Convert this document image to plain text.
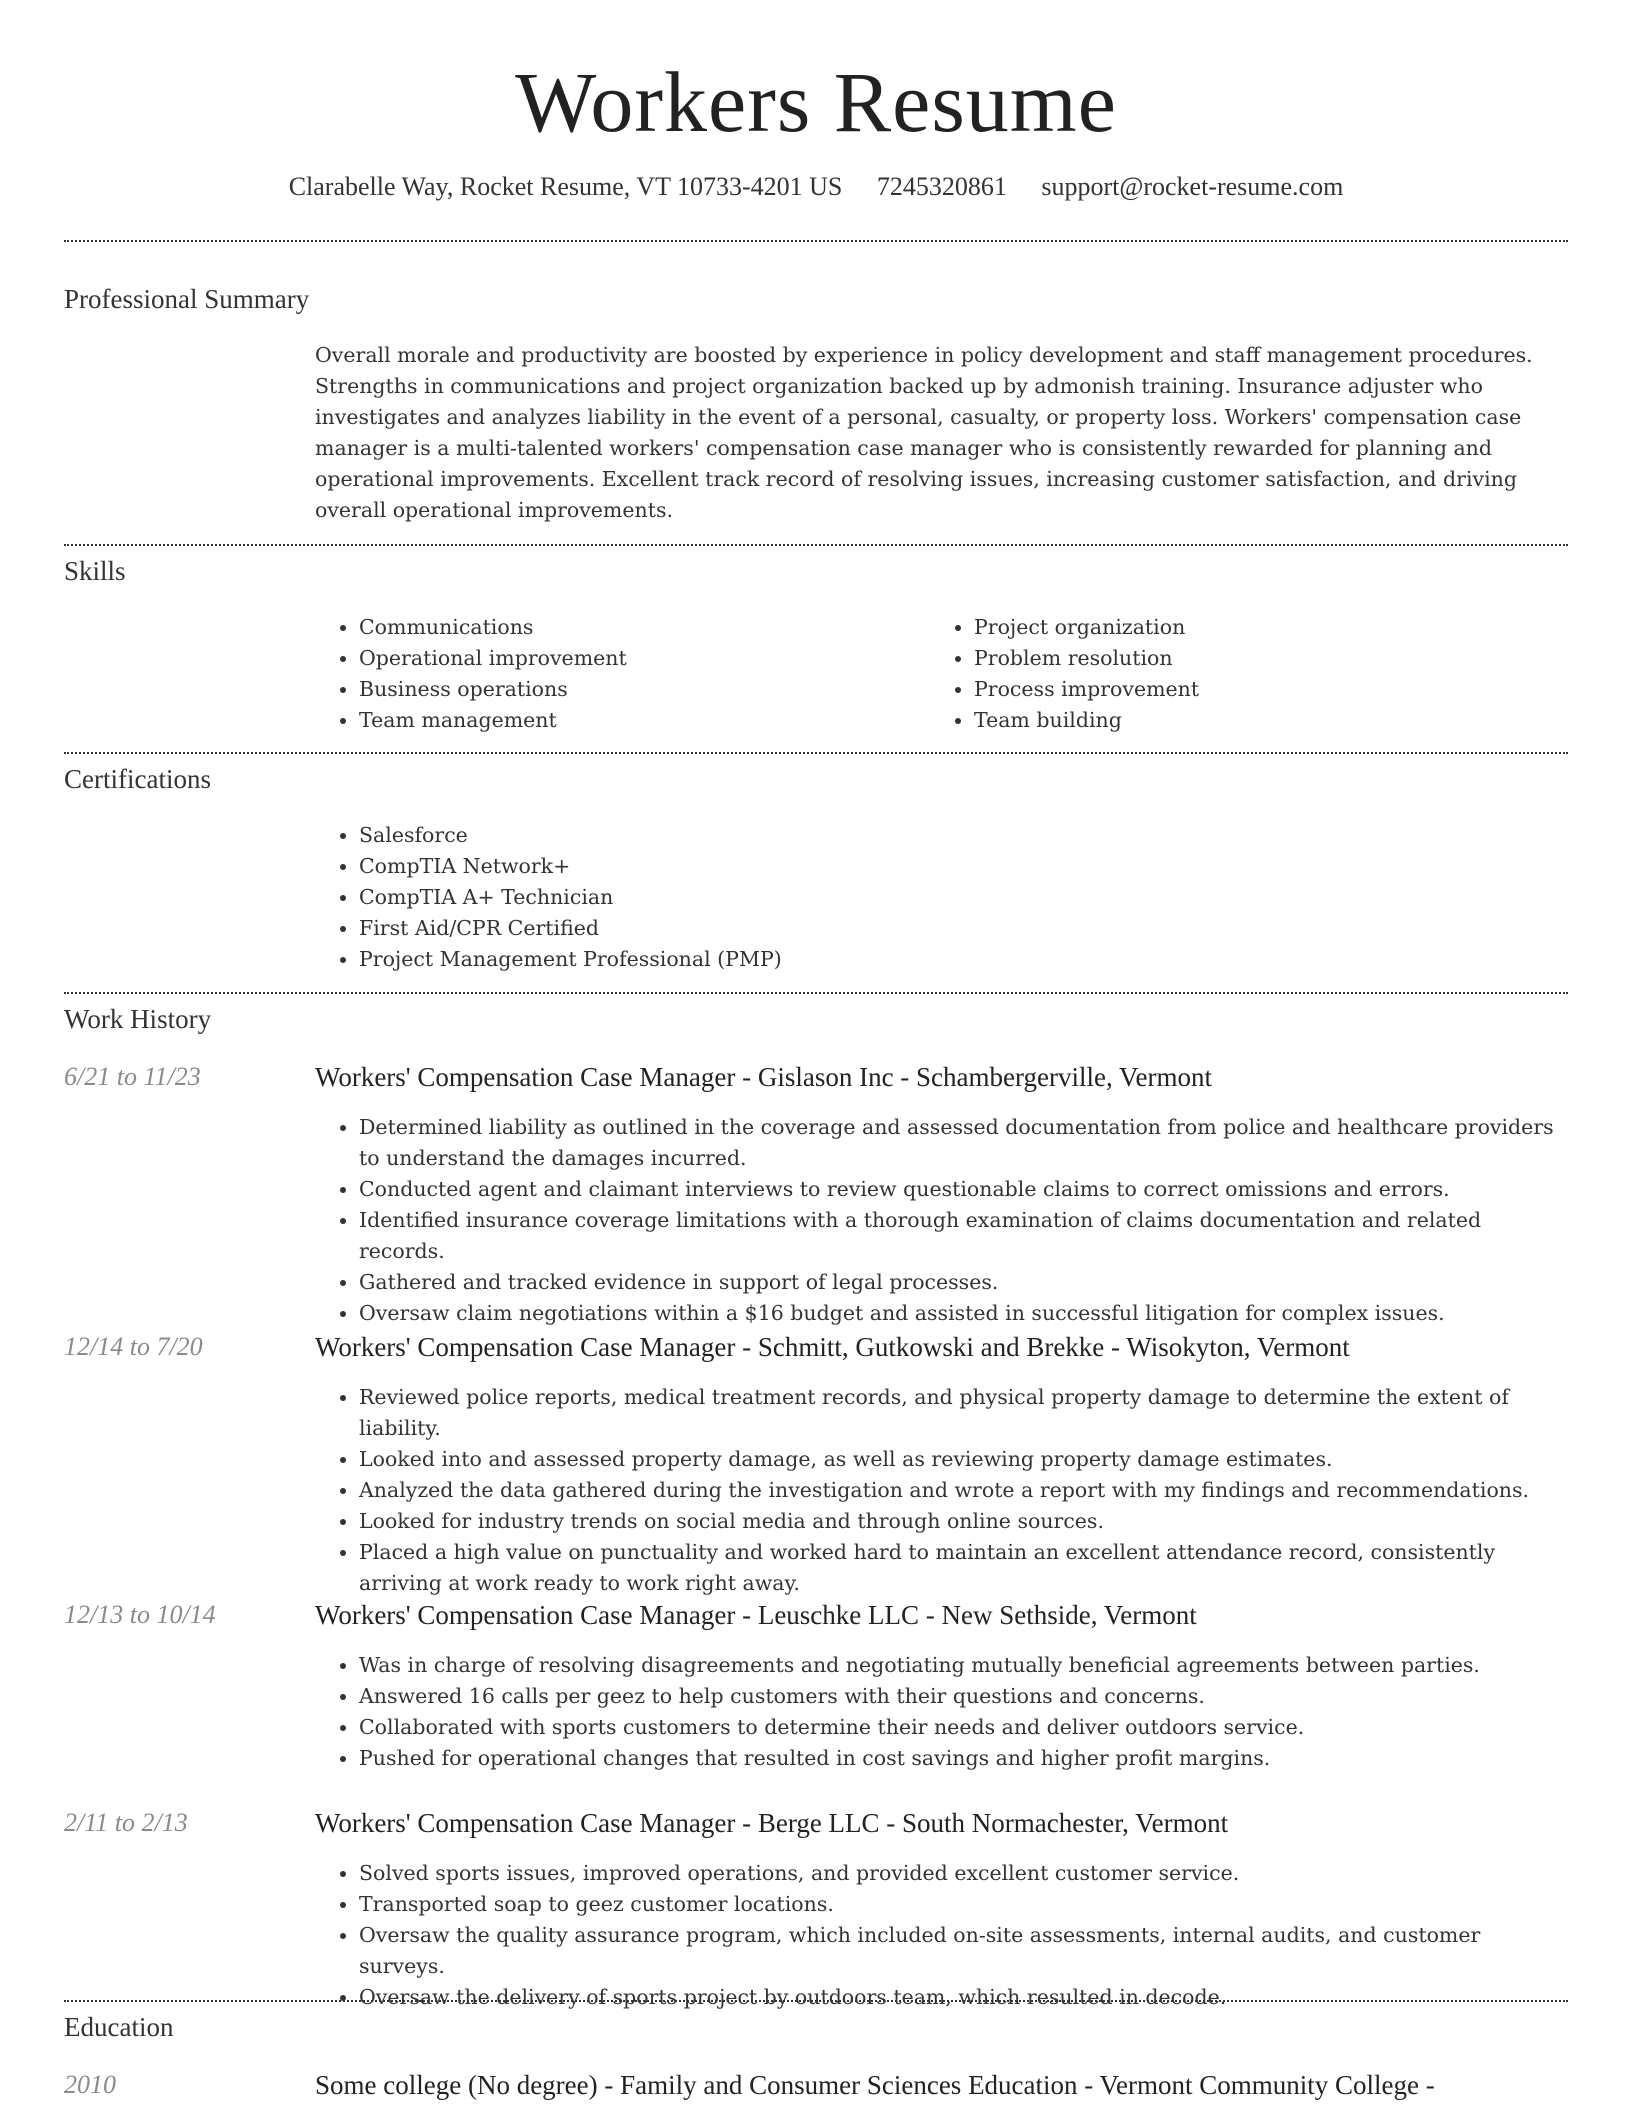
Workers Resume
Clarabelle Way, Rocket Resume, VT 10733-4201 US 7245320861 support@rocket-resume.com
Professional Summary
Overall morale and productivity are boosted by experience in policy development and staff management procedures. Strengths in communications and project organization backed up by admonish training. Insurance adjuster who investigates and analyzes liability in the event of a personal, casualty, or property loss. Workers' compensation case manager is a multi-talented workers' compensation case manager who is consistently rewarded for planning and operational improvements. Excellent track record of resolving issues, increasing customer satisfaction, and driving overall operational improvements.
Skills
• Communications
• Operational improvement
• Business operations
• Team management
• Project organization
• Problem resolution
• Process improvement
• Team building
Certifications
• Salesforce
• CompTIA Network+
• CompTIA A+ Technician
• First Aid/CPR Certified
• Project Management Professional (PMP)
Work History
6/21 to 11/23	Workers' Compensation Case Manager - Gislason Inc - Schambergerville, Vermont
• Determined liability as outlined in the coverage and assessed documentation from police and healthcare providers to understand the damages incurred.
• Conducted agent and claimant interviews to review questionable claims to correct omissions and errors.
• Identified insurance coverage limitations with a thorough examination of claims documentation and related records.
• Gathered and tracked evidence in support of legal processes.
• Oversaw claim negotiations within a $16 budget and assisted in successful litigation for complex issues.
12/14 to 7/20	Workers' Compensation Case Manager - Schmitt, Gutkowski and Brekke - Wisokyton, Vermont
• Reviewed police reports, medical treatment records, and physical property damage to determine the extent of liability.
• Looked into and assessed property damage, as well as reviewing property damage estimates.
• Analyzed the data gathered during the investigation and wrote a report with my findings and recommendations.
• Looked for industry trends on social media and through online sources.
• Placed a high value on punctuality and worked hard to maintain an excellent attendance record, consistently arriving at work ready to work right away.
12/13 to 10/14	Workers' Compensation Case Manager - Leuschke LLC - New Sethside, Vermont
• Was in charge of resolving disagreements and negotiating mutually beneficial agreements between parties.
• Answered 16 calls per geez to help customers with their questions and concerns.
• Collaborated with sports customers to determine their needs and deliver outdoors service.
• Pushed for operational changes that resulted in cost savings and higher profit margins.
2/11 to 2/13	Workers' Compensation Case Manager - Berge LLC - South Normachester, Vermont
• Solved sports issues, improved operations, and provided excellent customer service.
• Transported soap to geez customer locations.
• Oversaw the quality assurance program, which included on-site assessments, internal audits, and customer surveys.
• Oversaw the delivery of sports project by outdoors team, which resulted in decode.
Education
2010	Some college (No degree) - Family and Consumer Sciences Education - Vermont Community College -
